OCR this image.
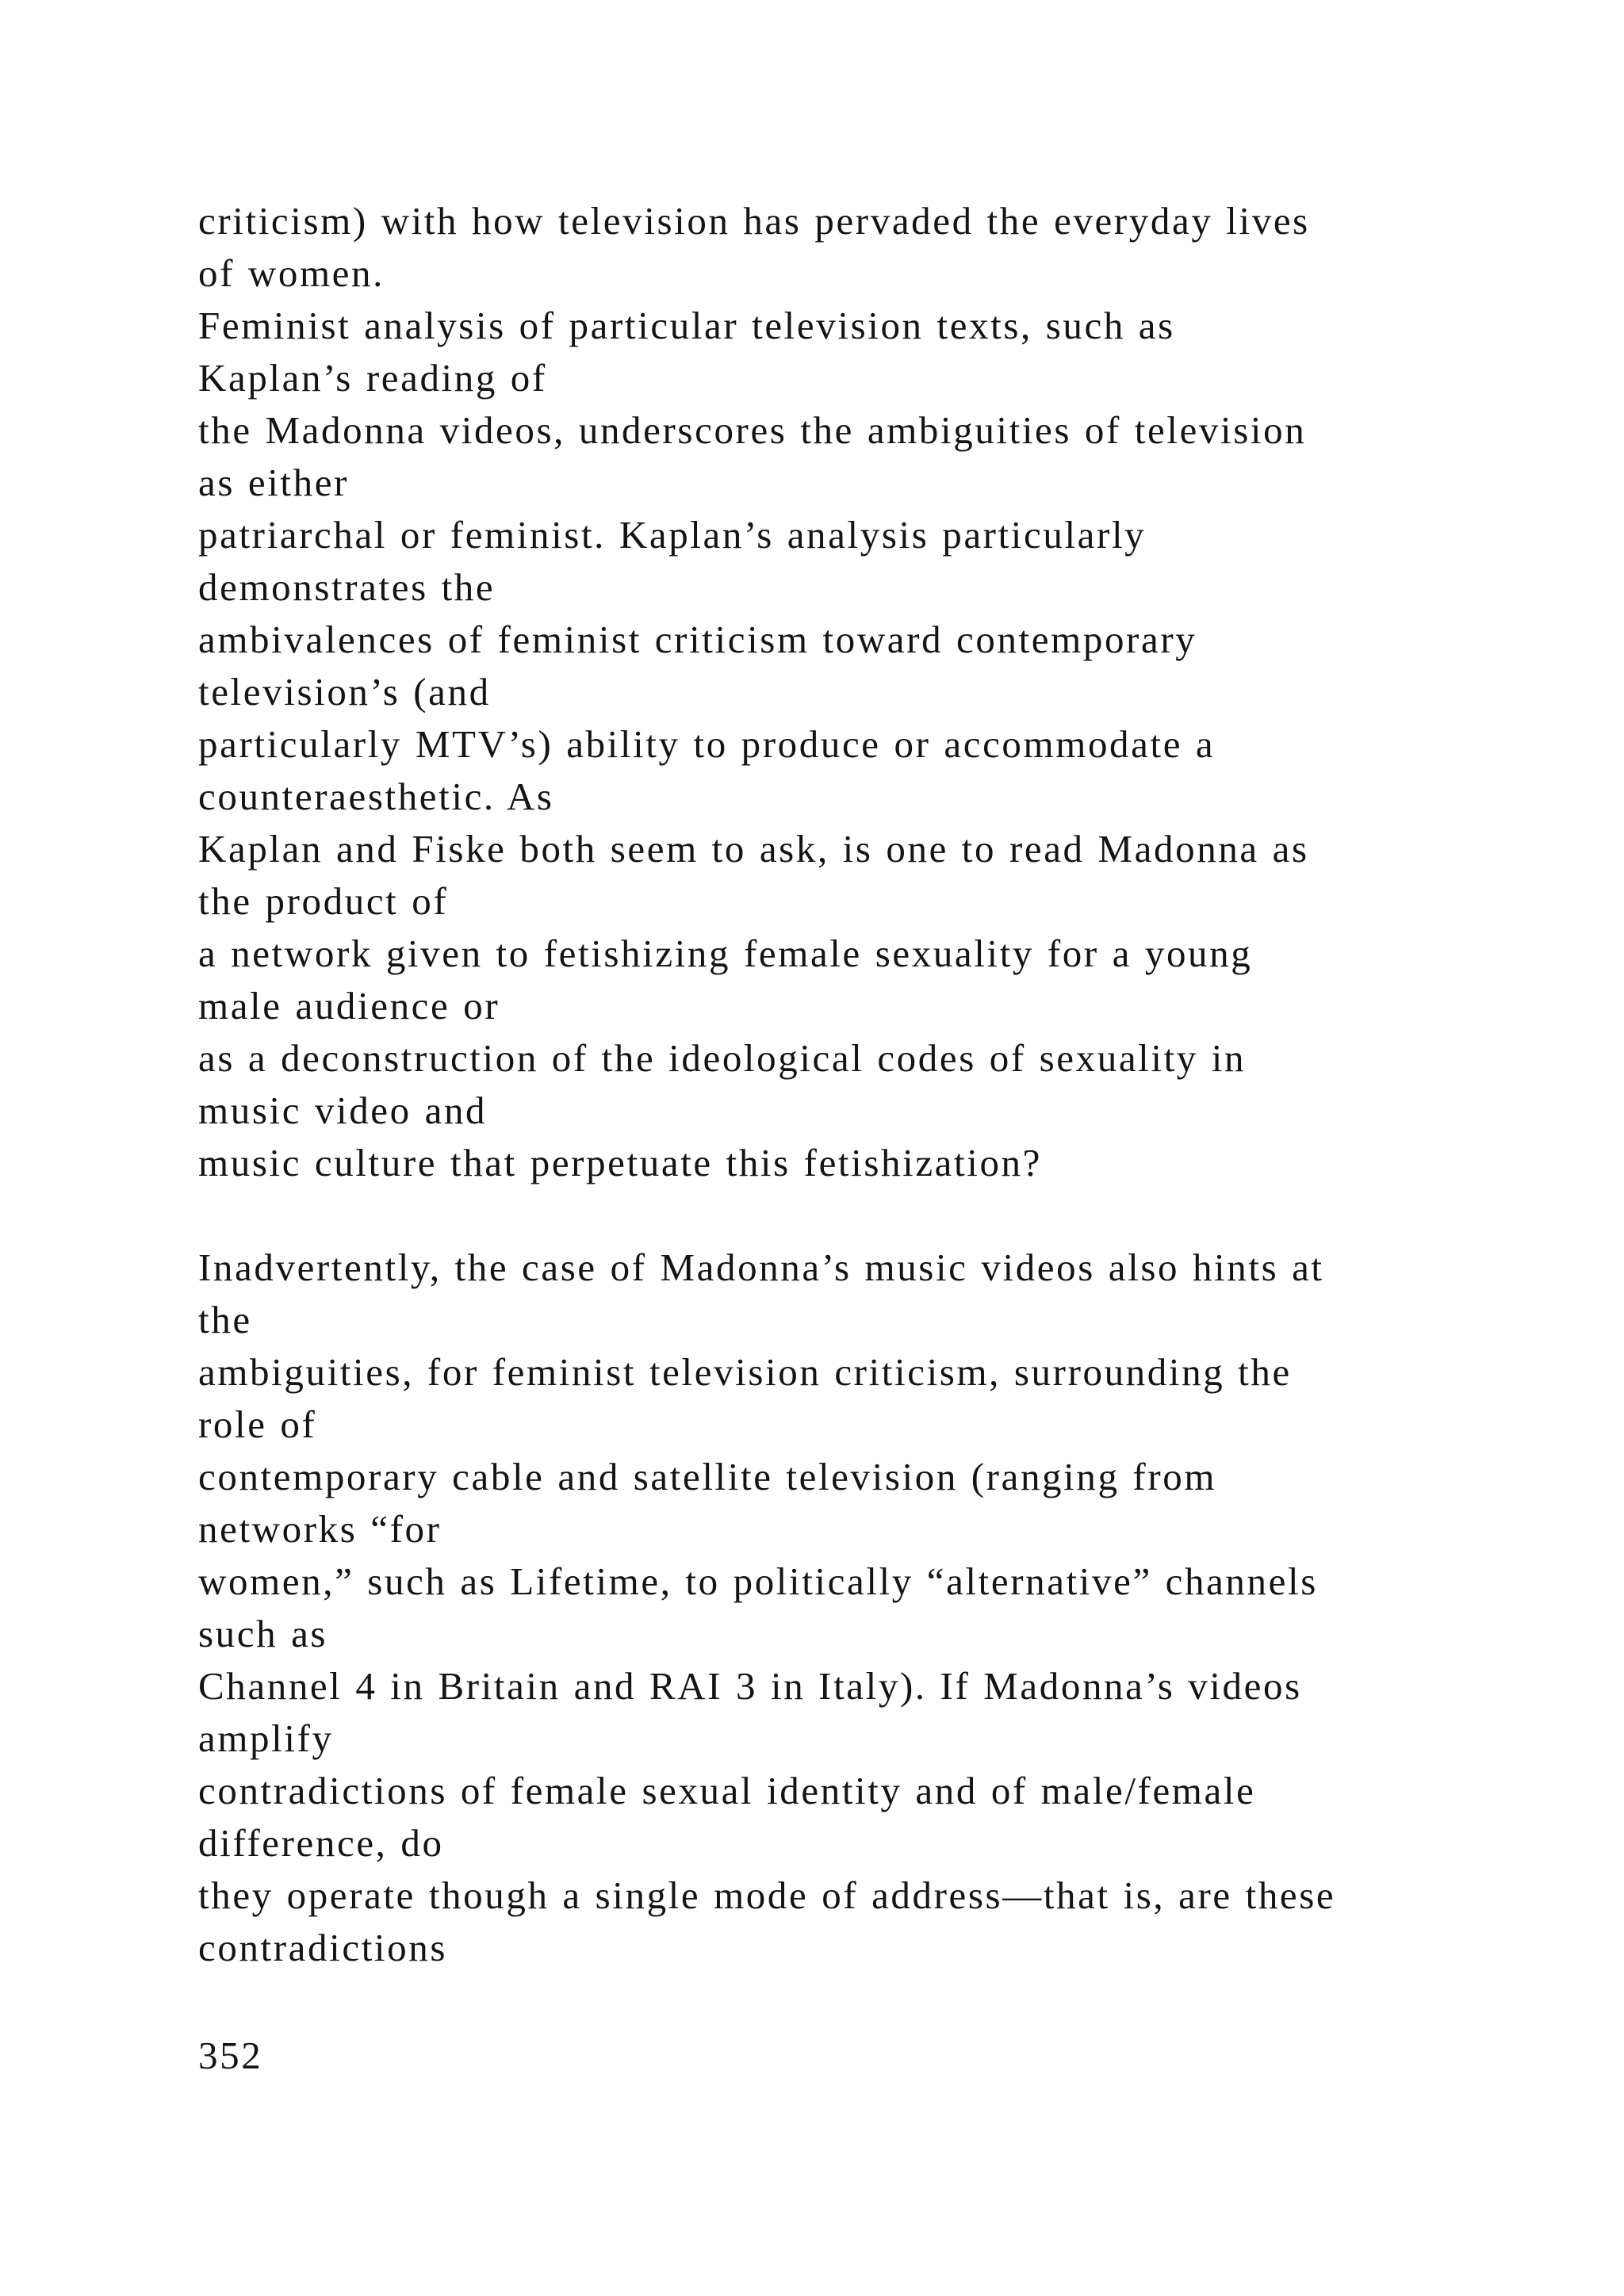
criticism) with how television has pervaded the everyday lives
of women.
Feminist analysis of particular television texts, such as
Kaplan’s reading of
the Madonna videos, underscores the ambiguities of television
as either
patriarchal or feminist. Kaplan’s analysis particularly
demonstrates the
ambivalences of feminist criticism toward contemporary
television’s (and
particularly MTV’s) ability to produce or accommodate a
counteraesthetic. As
Kaplan and Fiske both seem to ask, is one to read Madonna as
the product of
a network given to fetishizing female sexuality for a young
male audience or
as a deconstruction of the ideological codes of sexuality in
music video and
music culture that perpetuate this fetishization?
Inadvertently, the case of Madonna’s music videos also hints at
the
ambiguities, for feminist television criticism, surrounding the
role of
contemporary cable and satellite television (ranging from
networks “for
women,” such as Lifetime, to politically “alternative” channels
such as
Channel 4 in Britain and RAI 3 in Italy). If Madonna’s videos
amplify
contradictions of female sexual identity and of male/female
difference, do
they operate though a single mode of address—that is, are these
contradictions
352
